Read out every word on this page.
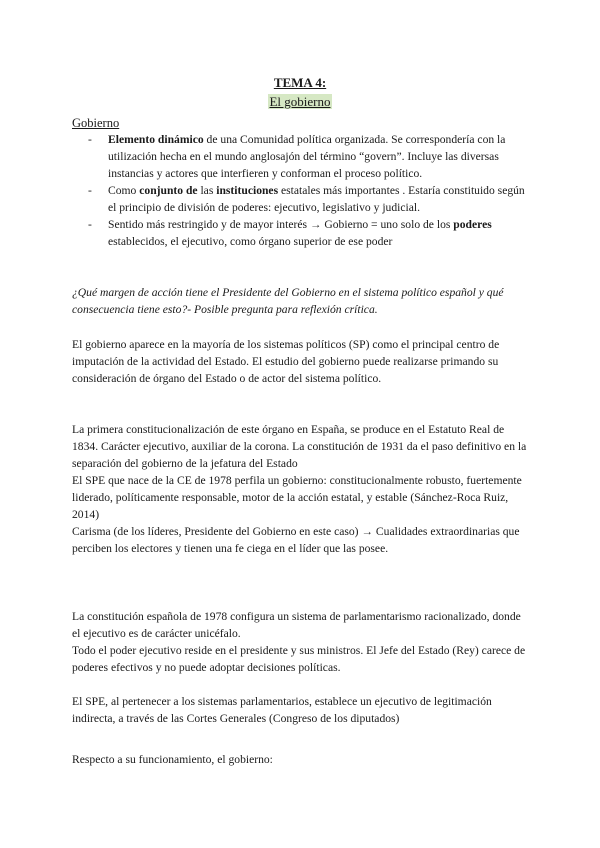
TEMA 4:
El gobierno
Gobierno
- Elemento dinámico de una Comunidad política organizada. Se correspondería con la utilización hecha en el mundo anglosajón del término “govern”. Incluye las diversas instancias y actores que interfieren y conforman el proceso político.
- Como conjunto de las instituciones estatales más importantes . Estaría constituido según el principio de división de poderes: ejecutivo, legislativo y judicial.
- Sentido más restringido y de mayor interés → Gobierno = uno solo de los poderes establecidos, el ejecutivo, como órgano superior de ese poder

¿Qué margen de acción tiene el Presidente del Gobierno en el sistema político español y qué consecuencia tiene esto?- Posible pregunta para reflexión crítica.

El gobierno aparece en la mayoría de los sistemas políticos (SP) como el principal centro de imputación de la actividad del Estado. El estudio del gobierno puede realizarse primando su consideración de órgano del Estado o de actor del sistema político.

La primera constitucionalización de este órgano en España, se produce en el Estatuto Real de 1834. Carácter ejecutivo, auxiliar de la corona. La constitución de 1931 da el paso definitivo en la separación del gobierno de la jefatura del Estado
El SPE que nace de la CE de 1978 perfila un gobierno: constitucionalmente robusto, fuertemente liderado, políticamente responsable, motor de la acción estatal, y estable (Sánchez-Roca Ruiz, 2014)
Carisma (de los líderes, Presidente del Gobierno en este caso) → Cualidades extraordinarias que perciben los electores y tienen una fe ciega en el líder que las posee.
La constitución española de 1978 configura un sistema de parlamentarismo racionalizado, donde el ejecutivo es de carácter unicéfalo.
Todo el poder ejecutivo reside en el presidente y sus ministros. El Jefe del Estado (Rey) carece de poderes efectivos y no puede adoptar decisiones políticas.

El SPE, al pertenecer a los sistemas parlamentarios, establece un ejecutivo de legitimación indirecta, a través de las Cortes Generales (Congreso de los diputados)

Respecto a su funcionamiento, el gobierno:
